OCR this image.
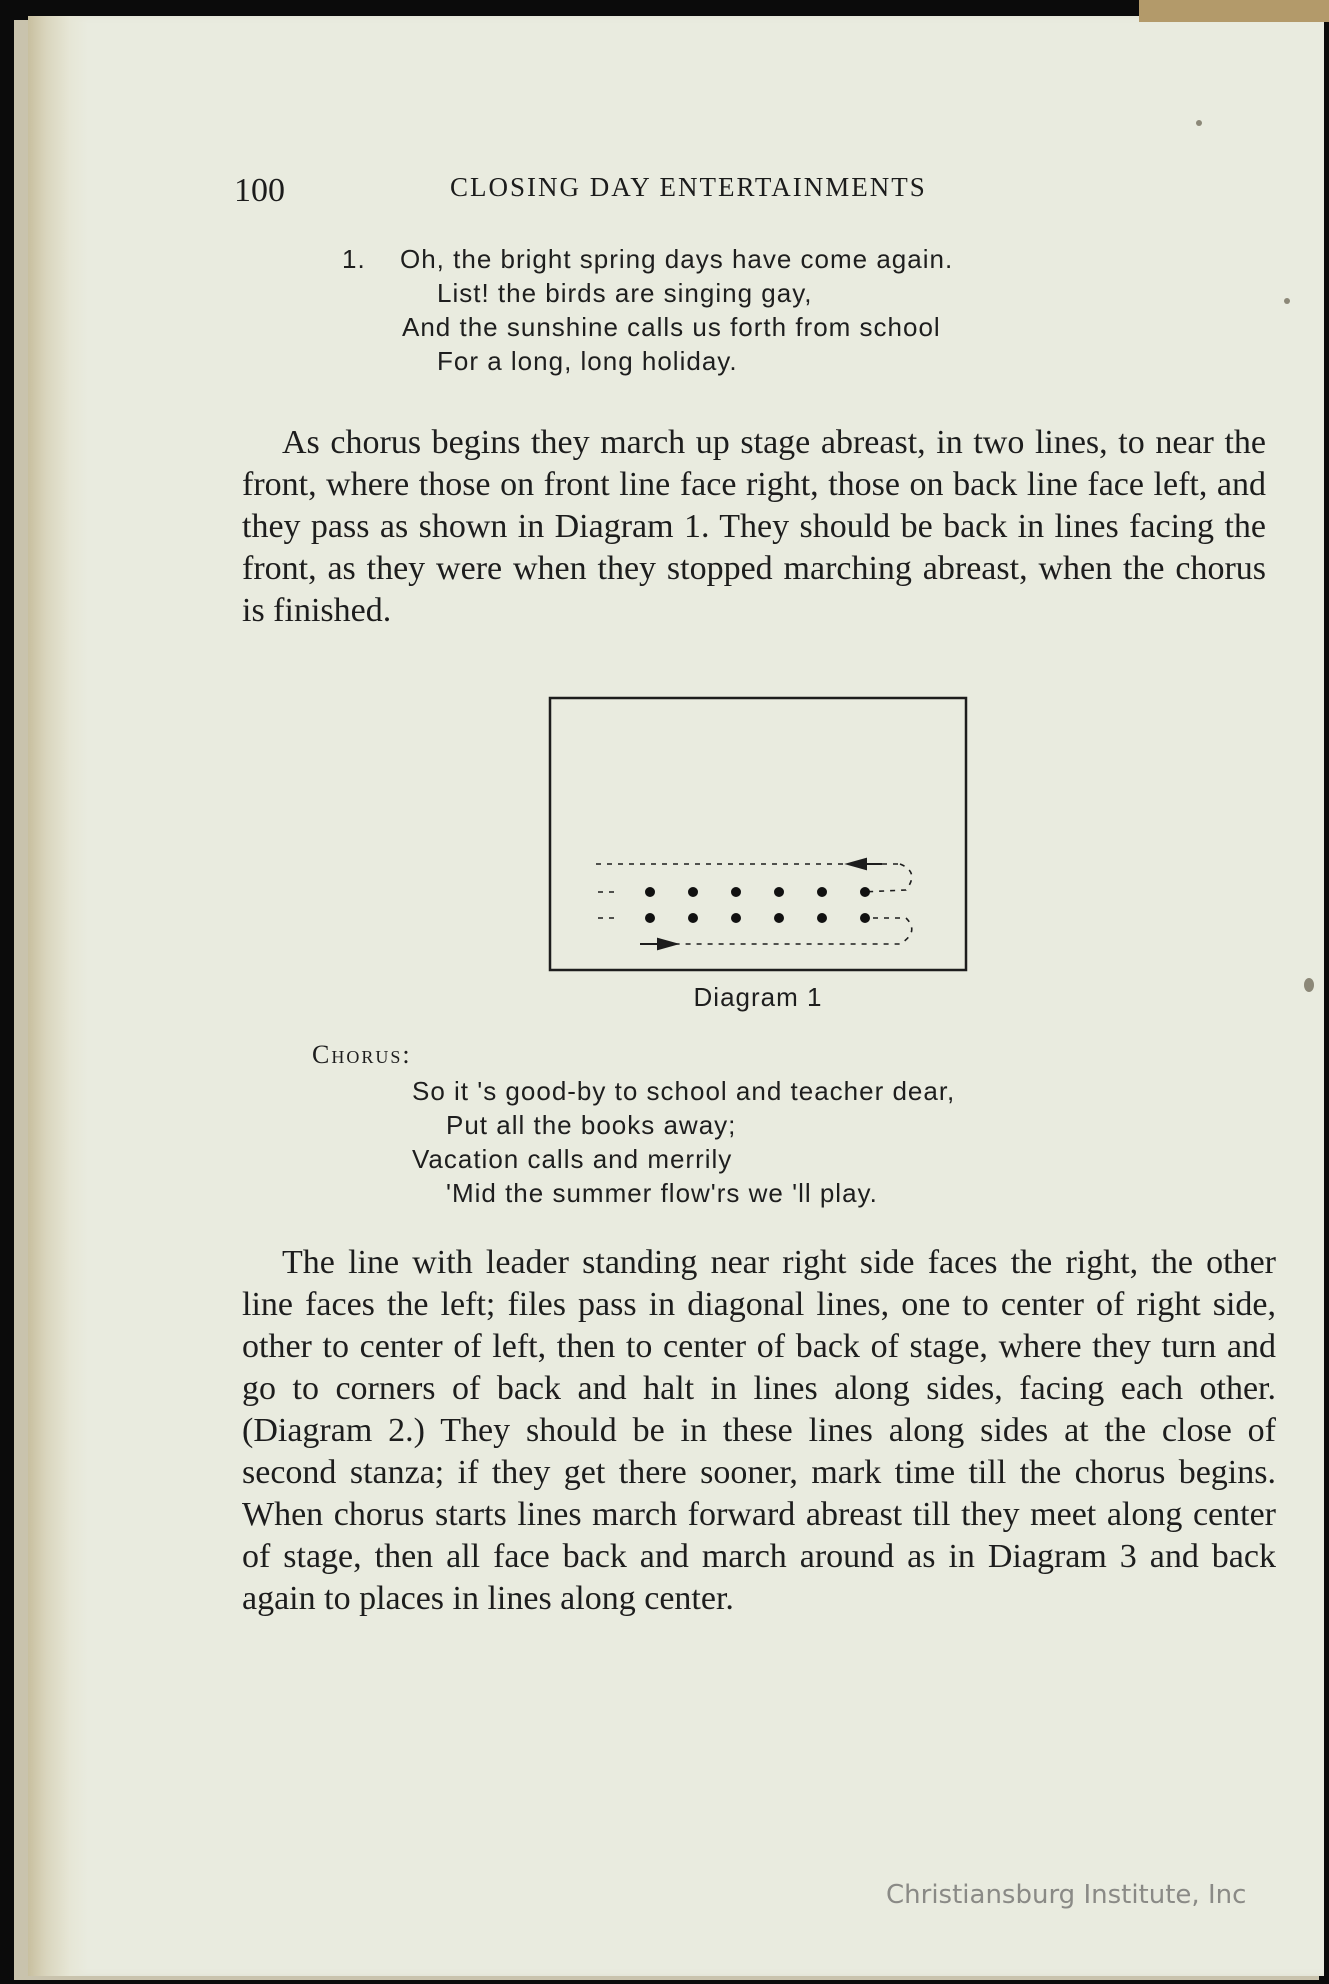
100	CLOSING DAY ENTERTAINMENTS
1. Oh, the bright spring days have come again.
List! the birds are singing gay,
And the sunshine calls us forth from school
For a long, long holiday.
As chorus begins they march up stage abreast, in two lines, to near the front, where those on front line face right, those on back line face left, and they pass as shown in Diagram 1. They should be back in lines facing the front, as they were when they stopped marching abreast, when the chorus is finished.
Diagram 1
Chorus:
So it 's good-by to school and teacher dear,
Put all the books away;
Vacation calls and merrily
'Mid the summer flow'rs we 'll play.
The line with leader standing near right side faces the right, the other line faces the left; files pass in diagonal lines, one to center of right side, other to center of left, then to center of back of stage, where they turn and go to corners of back and halt in lines along sides, facing each other. (Diagram 2.) They should be in these lines along sides at the close of second stanza; if they get there sooner, mark time till the chorus begins. When chorus starts lines march forward abreast till they meet along center of stage, then all face back and march around as in Diagram 3 and back again to places in lines along center.
Christiansburg Institute, Inc
